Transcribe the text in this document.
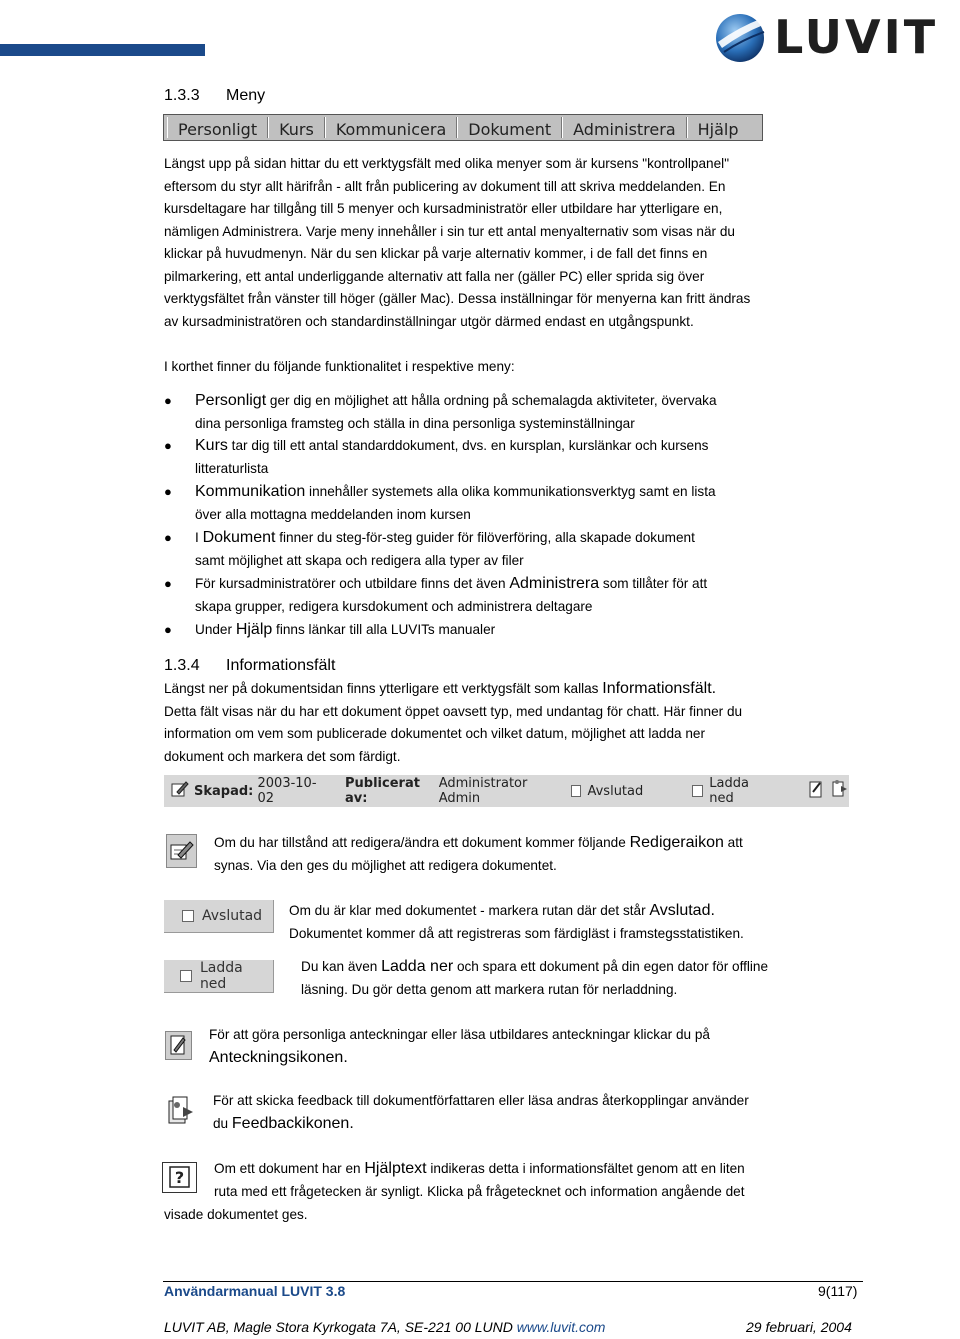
LUVIT
1.3.3 Meny
Personligt	Kurs	Kommunicera	Dokument	Administrera	Hjälp

Längst upp på sidan hittar du ett verktygsfält med olika menyer som är kursens "kontrollpanel"

eftersom du styr allt härifrån - allt från publicering av dokument till att skriva meddelanden. En

kursdeltagare har tillgång till 5 menyer och kursadministratör eller utbildare har ytterligare en,

nämligen Administrera. Varje meny innehåller i sin tur ett antal menyalternativ som visas när du

klickar på huvudmenyn. När du sen klickar på varje alternativ kommer, i de fall det finns en

pilmarkering, ett antal underliggande alternativ att falla ner (gäller PC) eller sprida sig över

verktygsfältet från vänster till höger (gäller Mac). Dessa inställningar för menyerna kan fritt ändras

av kursadministratören och standardinställningar utgör därmed endast en utgångspunkt.

I korthet finner du följande funktionalitet i respektive meny:

● Personligt ger dig en möjlighet att hålla ordning på schemalagda aktiviteter, övervaka
dina personliga framsteg och ställa in dina personliga systeminställningar
● Kurs tar dig till ett antal standarddokument, dvs. en kursplan, kurslänkar och kursens
litteraturlista
● Kommunikation innehåller systemets alla olika kommunikationsverktyg samt en lista
över alla mottagna meddelanden inom kursen
● I Dokument finner du steg-för-steg guider för filöverföring, alla skapade dokument
samt möjlighet att skapa och redigera alla typer av filer
● För kursadministratörer och utbildare finns det även Administrera som tillåter för att
skapa grupper, redigera kursdokument och administrera deltagare
● Under Hjälp finns länkar till alla LUVITs manualer
1.3.4 Informationsfält

Längst ner på dokumentsidan finns ytterligare ett verktygsfält som kallas Informationsfält.

Detta fält visas när du har ett dokument öppet oavsett typ, med undantag för chatt. Här finner du

information om vem som publicerade dokumentet och vilket datum, möjlighet att ladda ner

dokument och markera det som färdigt.

Skapad:
2003-10-02
Publicerat av:

Administrator Admin	Avslutad	Ladda ned

Om du har tillstånd att redigera/ändra ett dokument kommer följande Redigeraikon att

synas. Via den ges du möjlighet att redigera dokumentet.

Avslutad Om du är klar med dokumentet - markera rutan där det står Avslutad.

Dokumentet kommer då att registreras som färdigläst i framstegsstatistiken.

Ladda ned

Du kan även Ladda ner och spara ett dokument på din egen dator för offline

läsning. Du gör detta genom att markera rutan för nerladdning.

För att göra personliga anteckningar eller läsa utbildares anteckningar klickar du på

Anteckningsikonen.

För att skicka feedback till dokumentförfattaren eller läsa andras återkopplingar använder

du Feedbackikonen.

? Om ett dokument har en Hjälptext indikeras detta i informationsfältet genom att en liten

ruta med ett frågetecken är synligt. Klicka på frågetecknet och information angående det

visade dokumentet ges.

Användarmanual LUVIT 3.8	9(117)
LUVIT AB, Magle Stora Kyrkogata 7A, SE-221 00 LUND www.luvit.com	29 februari, 2004
